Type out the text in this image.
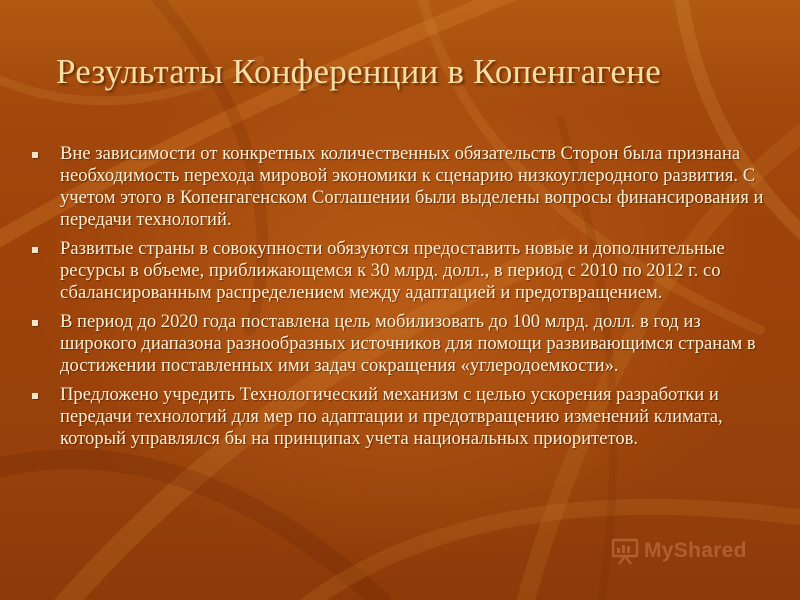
Результаты Конференции в Копенгагене
Вне зависимости от конкретных количественных обязательств Сторон была признана необходимость перехода мировой экономики к сценарию низкоуглеродного развития. С учетом этого в Копенгагенском Соглашении были выделены вопросы финансирования и передачи технологий.
Развитые страны в совокупности обязуются предоставить новые и дополнительные ресурсы в объеме, приближающемся к 30 млрд. долл., в период с 2010 по 2012 г. со сбалансированным распределением между адаптацией и предотвращением.
В период до 2020 года поставлена цель мобилизовать до 100 млрд. долл. в год из широкого диапазона разнообразных источников для помощи развивающимся странам в достижении поставленных ими задач сокращения «углеродоемкости».
Предложено учредить Технологический механизм с целью ускорения разработки и передачи технологий для мер по адаптации и предотвращению изменений климата, который управлялся бы на принципах учета национальных приоритетов.
MyShared
